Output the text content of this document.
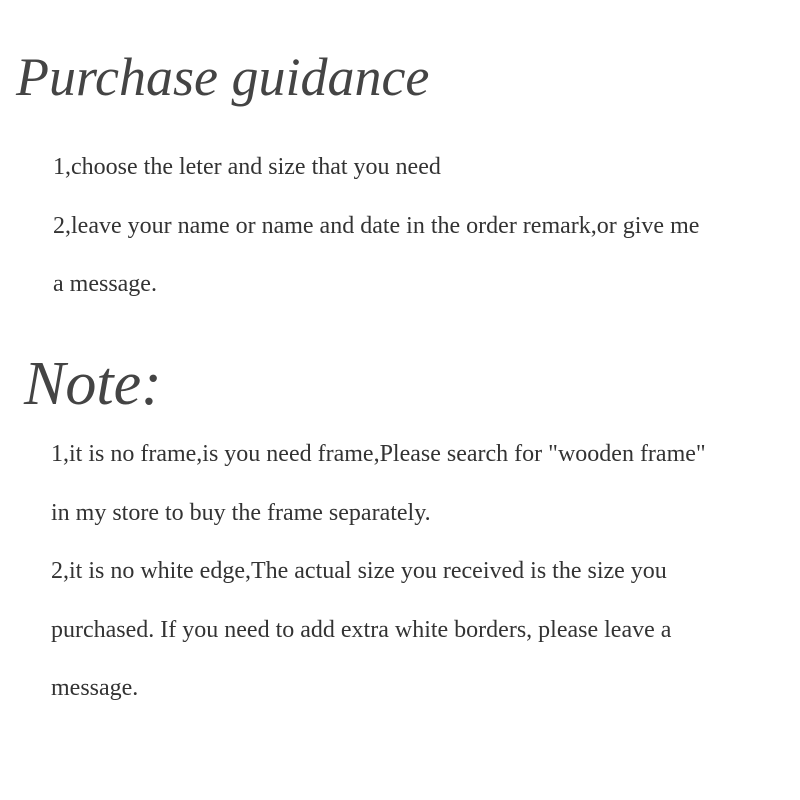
Purchase guidance
1,choose the leter and size that you need
2,leave your name or name and date in the order remark,or give me
a message.
Note:
1,it is no frame,is you need frame,Please search for "wooden frame"
in my store to buy the frame separately.
2,it is no white edge,The actual size you received is the size you
purchased. If you need to add extra white borders, please leave a
message.
